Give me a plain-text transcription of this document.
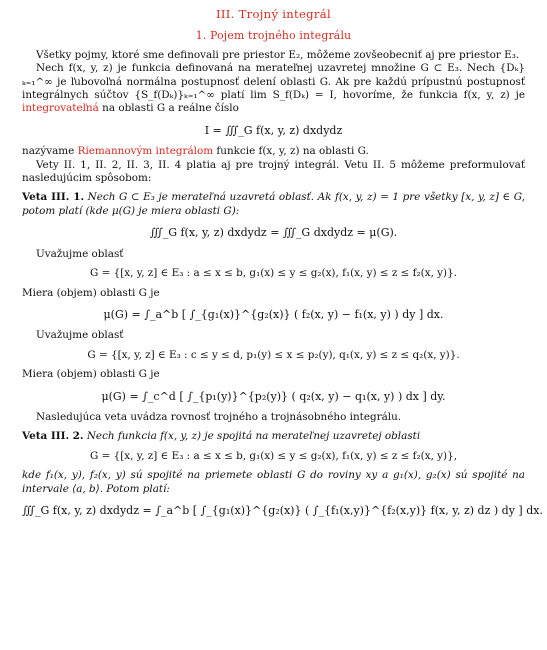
III. Trojný integrál
1. Pojem trojného integrálu

Všetky pojmy, ktoré sme definovali pre priestor E₂, môžeme zovšeobecniť aj pre priestor E₃.

Nech f(x, y, z) je funkcia definovaná na merateľnej uzavretej množine G ⊂ E₃. Nech {Dₖ}ₖ₌₁^∞ je ľubovoľná normálna postupnosť delení oblasti G. Ak pre každú prípustnú postupnosť integrálnych súčtov {S_f(Dₖ)}ₖ₌₁^∞ platí lim S_f(Dₖ) = I, hovoríme, že funkcia f(x, y, z) je integrovateľná na oblasti G a reálne číslo

I = ∭_G f(x, y, z) dxdydz

nazývame Riemannovým integrálom funkcie f(x, y, z) na oblasti G.

Vety II. 1, II. 2, II. 3, II. 4 platia aj pre trojný integrál. Vetu II. 5 môžeme preformulovať nasledujúcim spôsobom:

Veta III. 1. Nech G ⊂ E₃ je merateľná uzavretá oblasť. Ak f(x, y, z) = 1 pre všetky [x, y, z] ∈ G, potom platí (kde μ(G) je miera oblasti G):

∭_G f(x, y, z) dxdydz = ∭_G dxdydz = μ(G).

Uvažujme oblasť

G = {[x, y, z] ∈ E₃ : a ≤ x ≤ b, g₁(x) ≤ y ≤ g₂(x), f₁(x, y) ≤ z ≤ f₂(x, y)}.

Miera (objem) oblasti G je

μ(G) = ∫_a^b [ ∫_{g₁(x)}^{g₂(x)} ( f₂(x, y) − f₁(x, y) ) dy ] dx.

Uvažujme oblasť

G = {[x, y, z] ∈ E₃ : c ≤ y ≤ d, p₁(y) ≤ x ≤ p₂(y), q₁(x, y) ≤ z ≤ q₂(x, y)}.

Miera (objem) oblasti G je

μ(G) = ∫_c^d [ ∫_{p₁(y)}^{p₂(y)} ( q₂(x, y) − q₁(x, y) ) dx ] dy.

Nasledujúca veta uvádza rovnosť trojného a trojnásobného integrálu.

Veta III. 2. Nech funkcia f(x, y, z) je spojitá na merateľnej uzavretej oblasti

G = {[x, y, z] ∈ E₃ : a ≤ x ≤ b, g₁(x) ≤ y ≤ g₂(x), f₁(x, y) ≤ z ≤ f₂(x, y)},

kde f₁(x, y), f₂(x, y) sú spojité na priemete oblasti G do roviny xy a g₁(x), g₂(x) sú spojité na intervale ⟨a, b⟩. Potom platí:

∭_G f(x, y, z) dxdydz = ∫_a^b [ ∫_{g₁(x)}^{g₂(x)} ( ∫_{f₁(x,y)}^{f₂(x,y)} f(x, y, z) dz ) dy ] dx.
